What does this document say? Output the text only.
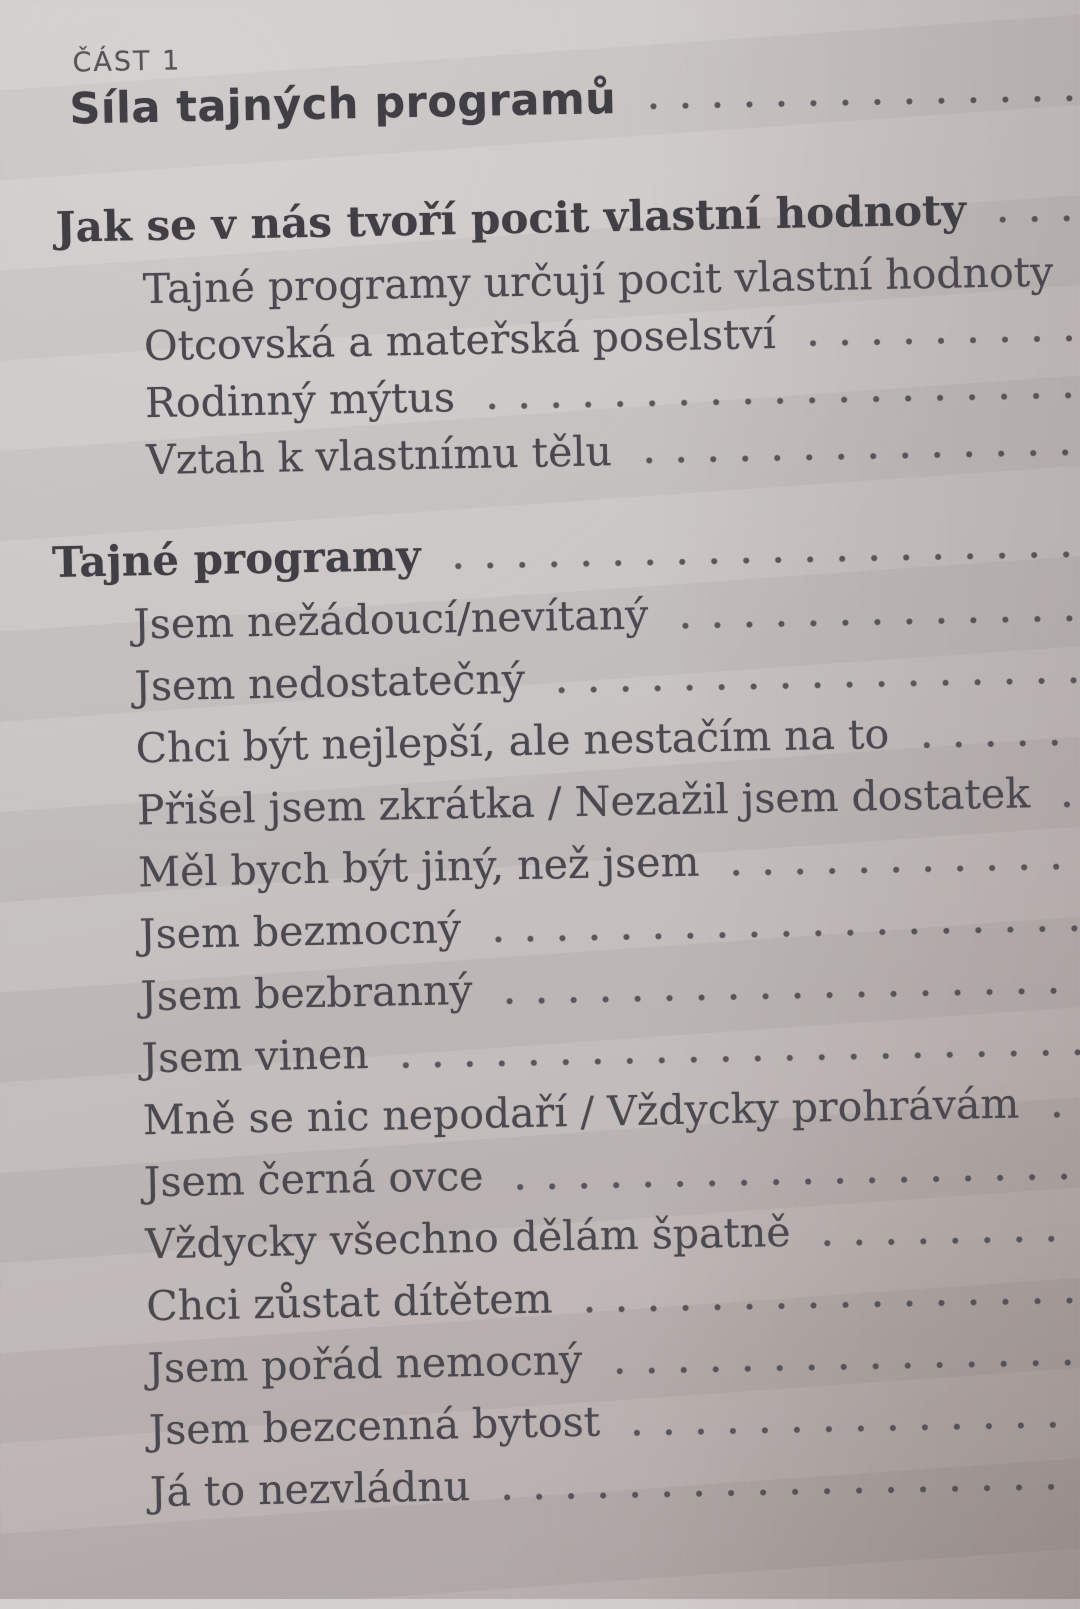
ČÁST 1
Síla tajných programů
Jak se v nás tvoří pocit vlastní hodnoty
Tajné programy určují pocit vlastní hodnoty
Otcovská a mateřská poselství
Rodinný mýtus
Vztah k vlastnímu tělu
Tajné programy
Jsem nežádoucí/nevítaný
Jsem nedostatečný
Chci být nejlepší, ale nestačím na to
Přišel jsem zkrátka / Nezažil jsem dostatek
Měl bych být jiný, než jsem
Jsem bezmocný
Jsem bezbranný
Jsem vinen
Mně se nic nepodaří / Vždycky prohrávám
Jsem černá ovce
Vždycky všechno dělám špatně
Chci zůstat dítětem
Jsem pořád nemocný
Jsem bezcenná bytost
Já to nezvládnu
